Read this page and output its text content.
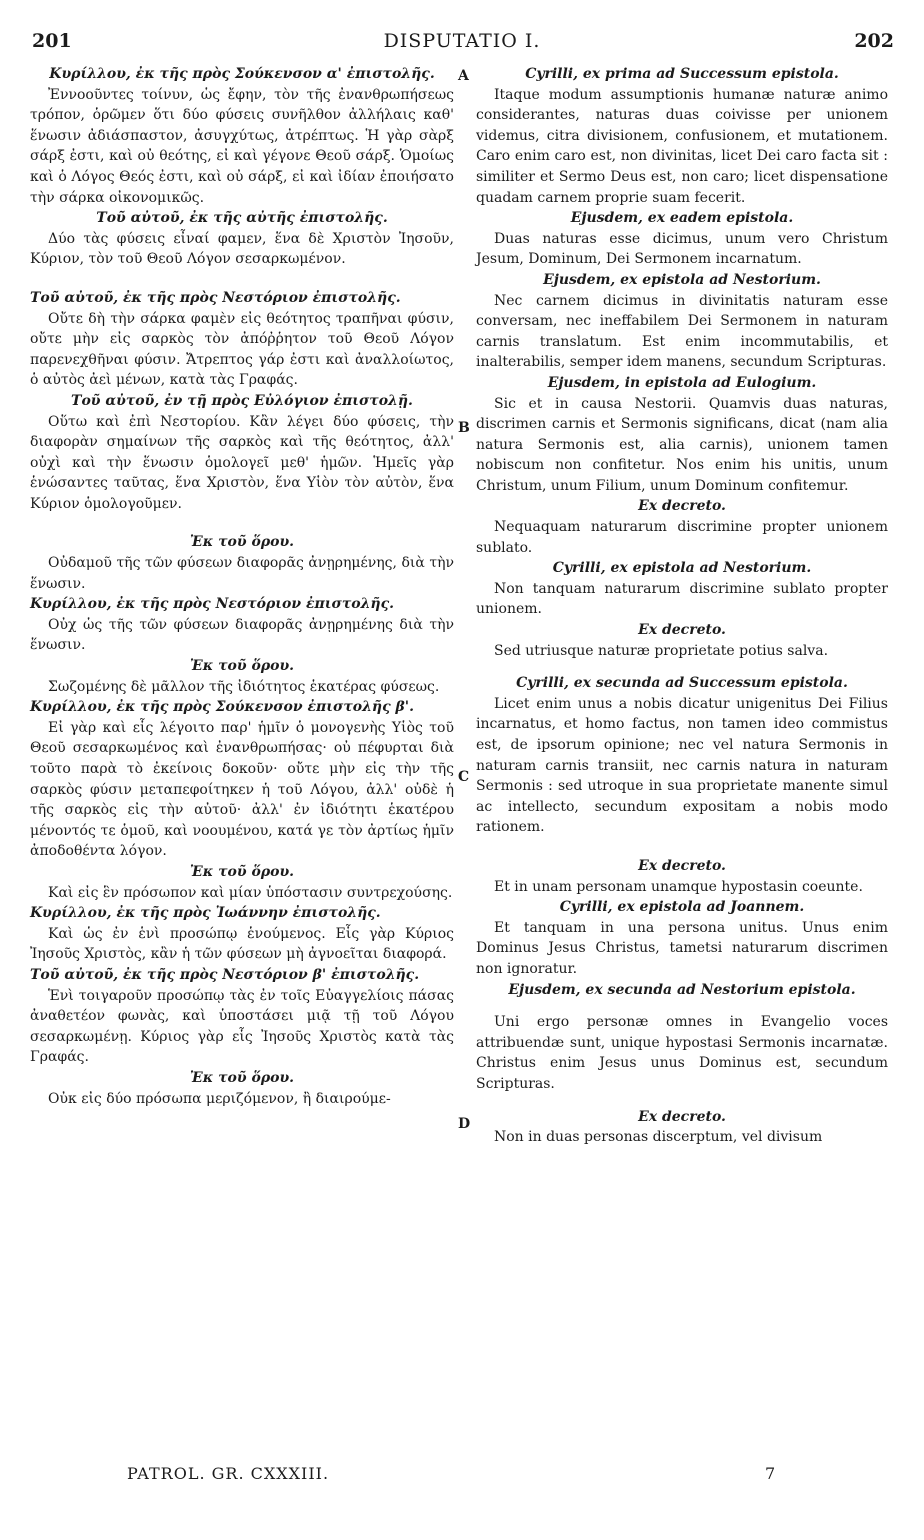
201	DISPUTATIO I.	202
Κυρίλλου, ἐκ τῆς πρὸς Σούκενσον α' ἐπιστολῆς.
Ἐννοοῦντες τοίνυν, ὡς ἔφην, τὸν τῆς ἐνανθρωπήσεως τρόπον, ὁρῶμεν ὅτι δύο φύσεις συνῆλθον ἀλλήλαις καθ' ἕνωσιν ἀδιάσπαστον, ἀσυγχύτως, ἀτρέπτως. Ἡ γὰρ σὰρξ σάρξ ἐστι, καὶ οὐ θεότης, εἰ καὶ γέγονε Θεοῦ σάρξ. Ὁμοίως καὶ ὁ Λόγος Θεός ἐστι, καὶ οὐ σάρξ, εἰ καὶ ἰδίαν ἐποιήσατο τὴν σάρκα οἰκονομικῶς.
Τοῦ αὐτοῦ, ἐκ τῆς αὐτῆς ἐπιστολῆς.
Δύο τὰς φύσεις εἶναί φαμεν, ἕνα δὲ Χριστὸν Ἰησοῦν, Κύριον, τὸν τοῦ Θεοῦ Λόγον σεσαρκωμένον.
Τοῦ αὐτοῦ, ἐκ τῆς πρὸς Νεστόριον ἐπιστολῆς.
Οὔτε δὴ τὴν σάρκα φαμὲν εἰς θεότητος τραπῆναι φύσιν, οὔτε μὴν εἰς σαρκὸς τὸν ἀπόῤῥητον τοῦ Θεοῦ Λόγον παρενεχθῆναι φύσιν. Ἄτρεπτος γάρ ἐστι καὶ ἀναλλοίωτος, ὁ αὐτὸς ἀεὶ μένων, κατὰ τὰς Γραφάς.
Τοῦ αὐτοῦ, ἐν τῇ πρὸς Εὐλόγιον ἐπιστολῇ.
Οὕτω καὶ ἐπὶ Νεστορίου. Κἂν λέγει δύο φύσεις, τὴν διαφορὰν σημαίνων τῆς σαρκὸς καὶ τῆς θεότητος, ἀλλ' οὐχὶ καὶ τὴν ἕνωσιν ὁμολογεῖ μεθ' ἡμῶν. Ἡμεῖς γὰρ ἑνώσαντες ταῦτας, ἕνα Χριστὸν, ἕνα Υἱὸν τὸν αὐτὸν, ἕνα Κύριον ὁμολογοῦμεν.
Ἐκ τοῦ ὅρου.
Οὐδαμοῦ τῆς τῶν φύσεων διαφορᾶς ἀνῃρημένης, διὰ τὴν ἕνωσιν.
Κυρίλλου, ἐκ τῆς πρὸς Νεστόριον ἐπιστολῆς.
Οὐχ ὡς τῆς τῶν φύσεων διαφορᾶς ἀνῃρημένης διὰ τὴν ἕνωσιν.
Ἐκ τοῦ ὅρου.
Σωζομένης δὲ μᾶλλον τῆς ἰδιότητος ἑκατέρας φύσεως.
Κυρίλλου, ἐκ τῆς πρὸς Σούκενσον ἐπιστολῆς β'.
Εἰ γὰρ καὶ εἷς λέγοιτο παρ' ἡμῖν ὁ μονογενὴς Υἱὸς τοῦ Θεοῦ σεσαρκωμένος καὶ ἐνανθρωπήσας· οὐ πέφυρται διὰ τοῦτο παρὰ τὸ ἐκείνοις δοκοῦν· οὔτε μὴν εἰς τὴν τῆς σαρκὸς φύσιν μεταπεφοίτηκεν ἡ τοῦ Λόγου, ἀλλ' οὐδὲ ἡ τῆς σαρκὸς εἰς τὴν αὐτοῦ· ἀλλ' ἐν ἰδιότητι ἑκατέρου μένοντός τε ὁμοῦ, καὶ νοουμένου, κατά γε τὸν ἀρτίως ἡμῖν ἀποδοθέντα λόγον.
Ἐκ τοῦ ὅρου.
Καὶ εἰς ἓν πρόσωπον καὶ μίαν ὑπόστασιν συντρεχούσης.
Κυρίλλου, ἐκ τῆς πρὸς Ἰωάννην ἐπιστολῆς.
Καὶ ὡς ἐν ἑνὶ προσώπῳ ἑνούμενος. Εἷς γὰρ Κύριος Ἰησοῦς Χριστὸς, κἂν ἡ τῶν φύσεων μὴ ἀγνοεῖται διαφορά.
Τοῦ αὐτοῦ, ἐκ τῆς πρὸς Νεστόριον β' ἐπιστολῆς.
Ἑνὶ τοιγαροῦν προσώπῳ τὰς ἐν τοῖς Εὐαγγελίοις πάσας ἀναθετέον φωνὰς, καὶ ὑποστάσει μιᾷ τῇ τοῦ Λόγου σεσαρκωμένῃ. Κύριος γὰρ εἷς Ἰησοῦς Χριστὸς κατὰ τὰς Γραφάς.
Ἐκ τοῦ ὅρου.
Οὐκ εἰς δύο πρόσωπα μεριζόμενον, ἢ διαιρούμε-
Cyrilli, ex prima ad Successum epistola.
Itaque modum assumptionis humanæ naturæ animo considerantes, naturas duas coivisse per unionem videmus, citra divisionem, confusionem, et mutationem. Caro enim caro est, non divinitas, licet Dei caro facta sit : similiter et Sermo Deus est, non caro; licet dispensatione quadam carnem proprie suam fecerit.
Ejusdem, ex eadem epistola.
Duas naturas esse dicimus, unum vero Christum Jesum, Dominum, Dei Sermonem incarnatum.
Ejusdem, ex epistola ad Nestorium.
Nec carnem dicimus in divinitatis naturam esse conversam, nec ineffabilem Dei Sermonem in naturam carnis translatum. Est enim incommutabilis, et inalterabilis, semper idem manens, secundum Scripturas.
Ejusdem, in epistola ad Eulogium.
Sic et in causa Nestorii. Quamvis duas naturas, discrimen carnis et Sermonis significans, dicat (nam alia natura Sermonis est, alia carnis), unionem tamen nobiscum non confitetur. Nos enim his unitis, unum Christum, unum Filium, unum Dominum confitemur.
Ex decreto.
Nequaquam naturarum discrimine propter unionem sublato.
Cyrilli, ex epistola ad Nestorium.
Non tanquam naturarum discrimine sublato propter unionem.
Ex decreto.
Sed utriusque naturæ proprietate potius salva.
Cyrilli, ex secunda ad Successum epistola.
Licet enim unus a nobis dicatur unigenitus Dei Filius incarnatus, et homo factus, non tamen ideo commistus est, de ipsorum opinione; nec vel natura Sermonis in naturam carnis transiit, nec carnis natura in naturam Sermonis : sed utroque in sua proprietate manente simul ac intellecto, secundum expositam a nobis modo rationem.
Ex decreto.
Et in unam personam unamque hypostasin coeunte.
Cyrilli, ex epistola ad Joannem.
Et tanquam in una persona unitus. Unus enim Dominus Jesus Christus, tametsi naturarum discrimen non ignoratur.
Ejusdem, ex secunda ad Nestorium epistola.
Uni ergo personæ omnes in Evangelio voces attribuendæ sunt, unique hypostasi Sermonis incarnatæ. Christus enim Jesus unus Dominus est, secundum Scripturas.
Ex decreto.
Non in duas personas discerptum, vel divisum
A
B
C
D
PATROL. GR. CXXXIII.	7
